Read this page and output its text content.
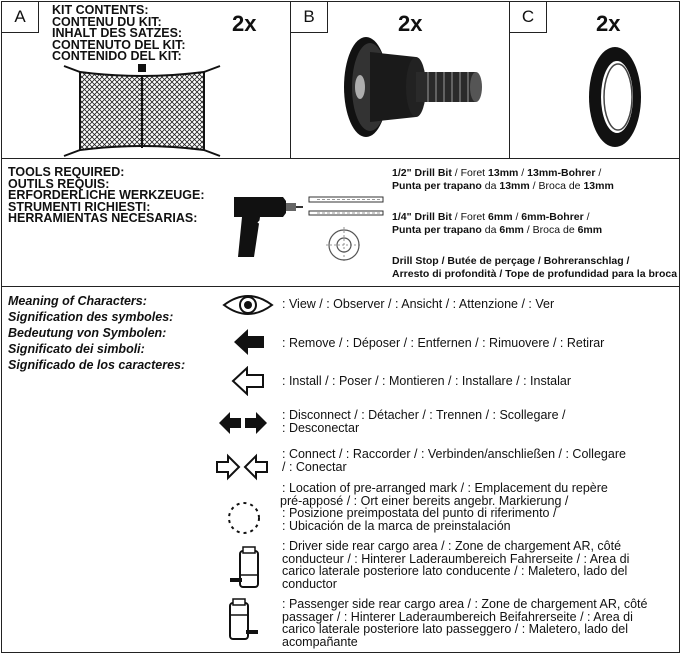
A	KIT CONTENTS:
CONTENU DU KIT:
INHALT DES SATZES:
CONTENUTO DEL KIT:
CONTENIDO DEL KIT:
2x	B	2x	C	2x
TOOLS REQUIRED:
OUTILS REQUIS:
ERFORDERLICHE WERKZEUGE:
STRUMENTI RICHIESTI:
HERRAMIENTAS NECESARIAS:
1/2" Drill Bit / Foret 13mm / 13mm-Bohrer /
Punta per trapano da 13mm / Broca de 13mm
1/4" Drill Bit / Foret 6mm / 6mm-Bohrer /
Punta per trapano da 6mm / Broca de 6mm
Drill Stop / Butée de perçage / Bohreranschlag /
Arresto di profondità / Tope de profundidad para la broca
Meaning of Characters:
Signification des symboles:
Bedeutung von Symbolen:
Significato dei simboli:
Significado de los caracteres:
: View / : Observer / : Ansicht / : Attenzione / : Ver
: Remove / : Déposer / : Entfernen / : Rimuovere / : Retirar
: Install / : Poser / : Montieren / : Installare / : Instalar
: Disconnect / : Détacher / : Trennen / : Scollegare /
: Desconectar
: Connect / : Raccorder / : Verbinden/anschließen / : Collegare
/ : Conectar
: Location of pre-arranged mark / : Emplacement du repère
pré-apposé / : Ort einer bereits angebr. Markierung /
: Posizione preimpostata del punto di riferimento /
: Ubicación de la marca de preinstalación
: Driver side rear cargo area / : Zone de chargement AR, côté
conducteur / : Hinterer Laderaumbereich Fahrerseite / : Area di
carico laterale posteriore lato conducente / : Maletero, lado del
conductor
: Passenger side rear cargo area / : Zone de chargement AR, côté
passager / : Hinterer Laderaumbereich Beifahrerseite / : Area di
carico laterale posteriore lato passeggero / : Maletero, lado del
acompañante
